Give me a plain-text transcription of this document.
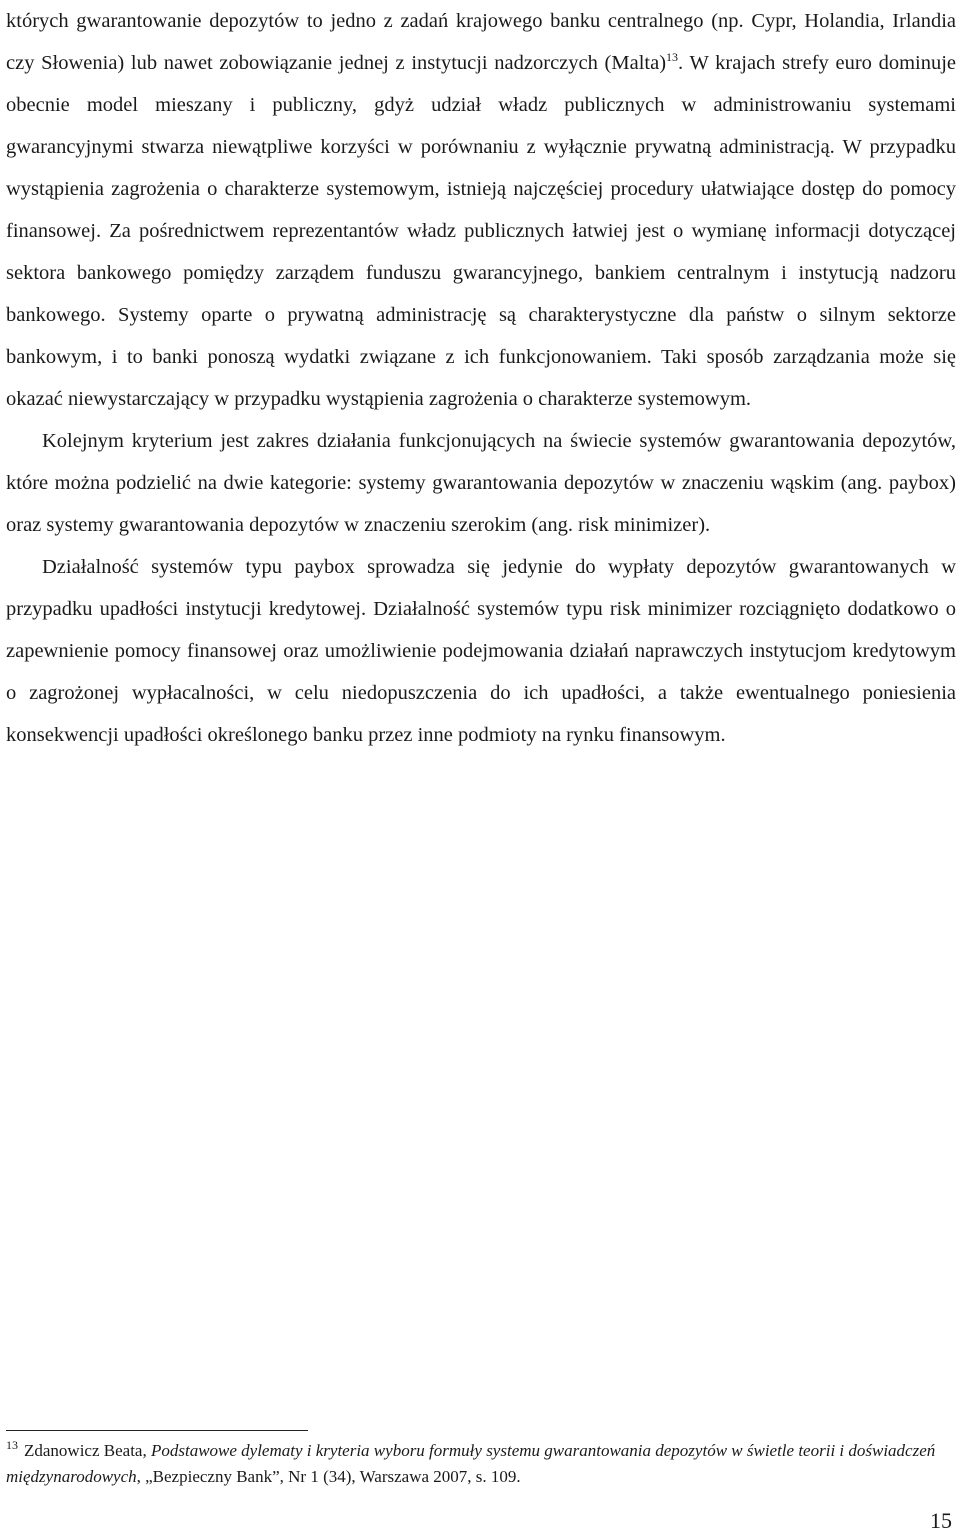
których gwarantowanie depozytów to jedno z zadań krajowego banku centralnego (np. Cypr, Holandia, Irlandia czy Słowenia) lub nawet zobowiązanie jednej z instytucji nadzorczych (Malta)$^{13}$. W krajach strefy euro dominuje obecnie model mieszany i publiczny, gdyż udział władz publicznych w administrowaniu systemami gwarancyjnymi stwarza niewątpliwe korzyści w porównaniu z wyłącznie prywatną administracją. W przypadku wystąpienia zagrożenia o charakterze systemowym, istnieją najczęściej procedury ułatwiające dostęp do pomocy finansowej. Za pośrednictwem reprezentantów władz publicznych łatwiej jest o wymianę informacji dotyczącej sektora bankowego pomiędzy zarządem funduszu gwarancyjnego, bankiem centralnym i instytucją nadzoru bankowego. Systemy oparte o prywatną administrację są charakterystyczne dla państw o silnym sektorze bankowym, i to banki ponoszą wydatki związane z ich funkcjonowaniem. Taki sposób zarządzania może się okazać niewystarczający w przypadku wystąpienia zagrożenia o charakterze systemowym.

Kolejnym kryterium jest zakres działania funkcjonujących na świecie systemów gwarantowania depozytów, które można podzielić na dwie kategorie: systemy gwarantowania depozytów w znaczeniu wąskim (ang. paybox) oraz systemy gwarantowania depozytów w znaczeniu szerokim (ang. risk minimizer).

Działalność systemów typu paybox sprowadza się jedynie do wypłaty depozytów gwarantowanych w przypadku upadłości instytucji kredytowej. Działalność systemów typu risk minimizer rozciągnięto dodatkowo o zapewnienie pomocy finansowej oraz umożliwienie podejmowania działań naprawczych instytucjom kredytowym o zagrożonej wypłacalności, w celu niedopuszczenia do ich upadłości, a także ewentualnego poniesienia konsekwencji upadłości określonego banku przez inne podmioty na rynku finansowym.

$^{13}$ Zdanowicz Beata, Podstawowe dylematy i kryteria wyboru formuły systemu gwarantowania depozytów w świetle teorii i doświadczeń międzynarodowych, „Bezpieczny Bank”, Nr 1 (34), Warszawa 2007, s. 109.

15
